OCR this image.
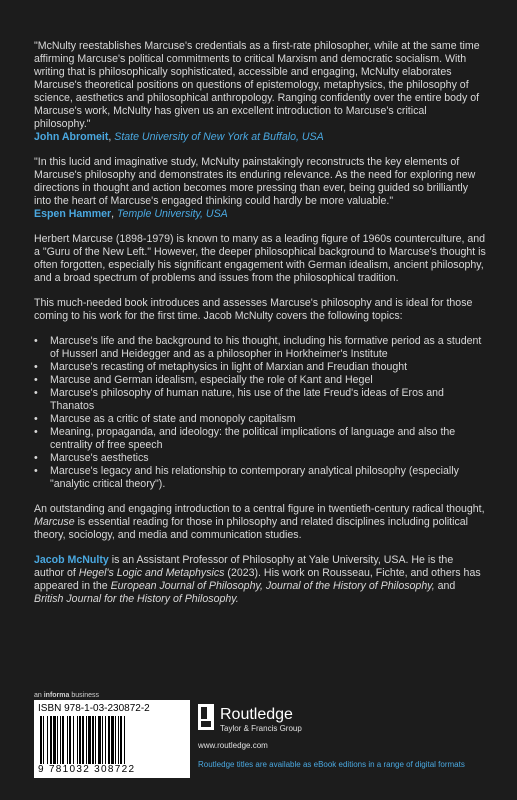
"McNulty reestablishes Marcuse's credentials as a first-rate philosopher, while at the same time affirming Marcuse's political commitments to critical Marxism and democratic socialism. With writing that is philosophically sophisticated, accessible and engaging, McNulty elaborates Marcuse's theoretical positions on questions of epistemology, metaphysics, the philosophy of science, aesthetics and philosophical anthropology. Ranging confidently over the entire body of Marcuse's work, McNulty has given us an excellent introduction to Marcuse's critical philosophy."

John Abromeit, State University of New York at Buffalo, USA

"In this lucid and imaginative study, McNulty painstakingly reconstructs the key elements of Marcuse's philosophy and demonstrates its enduring relevance. As the need for exploring new directions in thought and action becomes more pressing than ever, being guided so brilliantly into the heart of Marcuse's engaged thinking could hardly be more valuable."

Espen Hammer, Temple University, USA

Herbert Marcuse (1898-1979) is known to many as a leading figure of 1960s counterculture, and a "Guru of the New Left." However, the deeper philosophical background to Marcuse's thought is often forgotten, especially his significant engagement with German idealism, ancient philosophy, and a broad spectrum of problems and issues from the philosophical tradition.

This much-needed book introduces and assesses Marcuse's philosophy and is ideal for those coming to his work for the first time. Jacob McNulty covers the following topics:

• Marcuse's life and the background to his thought, including his formative period as a student of Husserl and Heidegger and as a philosopher in Horkheimer's Institute
• Marcuse's recasting of metaphysics in light of Marxian and Freudian thought
• Marcuse and German idealism, especially the role of Kant and Hegel
• Marcuse's philosophy of human nature, his use of the late Freud's ideas of Eros and Thanatos
• Marcuse as a critic of state and monopoly capitalism
• Meaning, propaganda, and ideology: the political implications of language and also the centrality of free speech
• Marcuse's aesthetics
• Marcuse's legacy and his relationship to contemporary analytical philosophy (especially "analytic critical theory").

An outstanding and engaging introduction to a central figure in twentieth-century radical thought, Marcuse is essential reading for those in philosophy and related disciplines including political theory, sociology, and media and communication studies.

Jacob McNulty is an Assistant Professor of Philosophy at Yale University, USA. He is the author of Hegel's Logic and Metaphysics (2023). His work on Rousseau, Fichte, and others has appeared in the European Journal of Philosophy, Journal of the History of Philosophy, and British Journal for the History of Philosophy.

an informa business
ISBN 978-1-03-230872-2
9 781032 308722
Routledge
Taylor & Francis Group
www.routledge.com
Routledge titles are available as eBook editions in a range of digital formats
